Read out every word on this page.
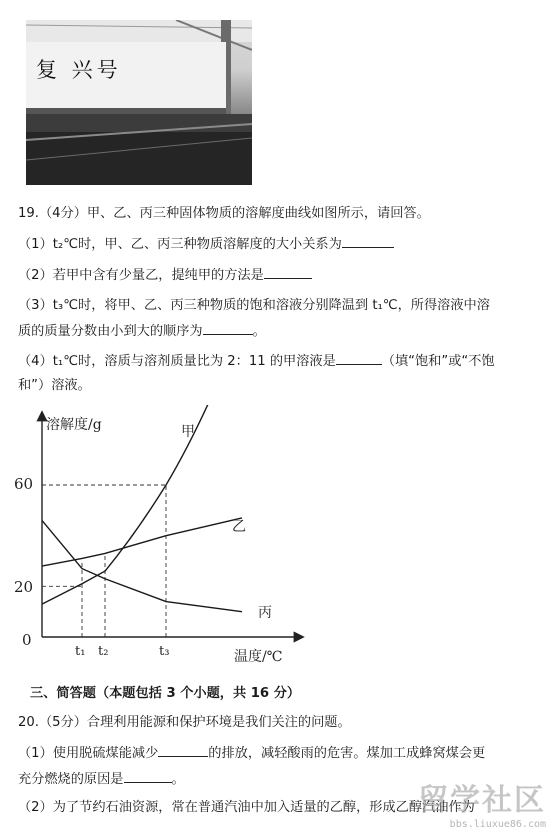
复 兴号
19.（4分）甲、乙、丙三种固体物质的溶解度曲线如图所示，请回答。
（1）t₂℃时，甲、乙、丙三种物质溶解度的大小关系为
（2）若甲中含有少量乙，提纯甲的方法是
（3）t₃℃时，将甲、乙、丙三种物质的饱和溶液分别降温到 t₁℃，所得溶液中溶
质的质量分数由小到大的顺序为	。
（4）t₁℃时，溶质与溶剂质量比为 2：11 的甲溶液是	（填“饱和”或“不饱
和”）溶液。
溶解度/g
温度/℃
60
20
0
t₁ t₂	t₃
甲
乙
丙
三、简答题（本题包括 3 个小题，共 16 分）
20.（5分）合理利用能源和保护环境是我们关注的问题。
（1）使用脱硫煤能减少	的排放，减轻酸雨的危害。煤加工成蜂窝煤会更
充分燃烧的原因是	。
（2）为了节约石油资源，常在普通汽油中加入适量的乙醇，形成乙醇汽油作为
留学社区
bbs.liuxue86.com
